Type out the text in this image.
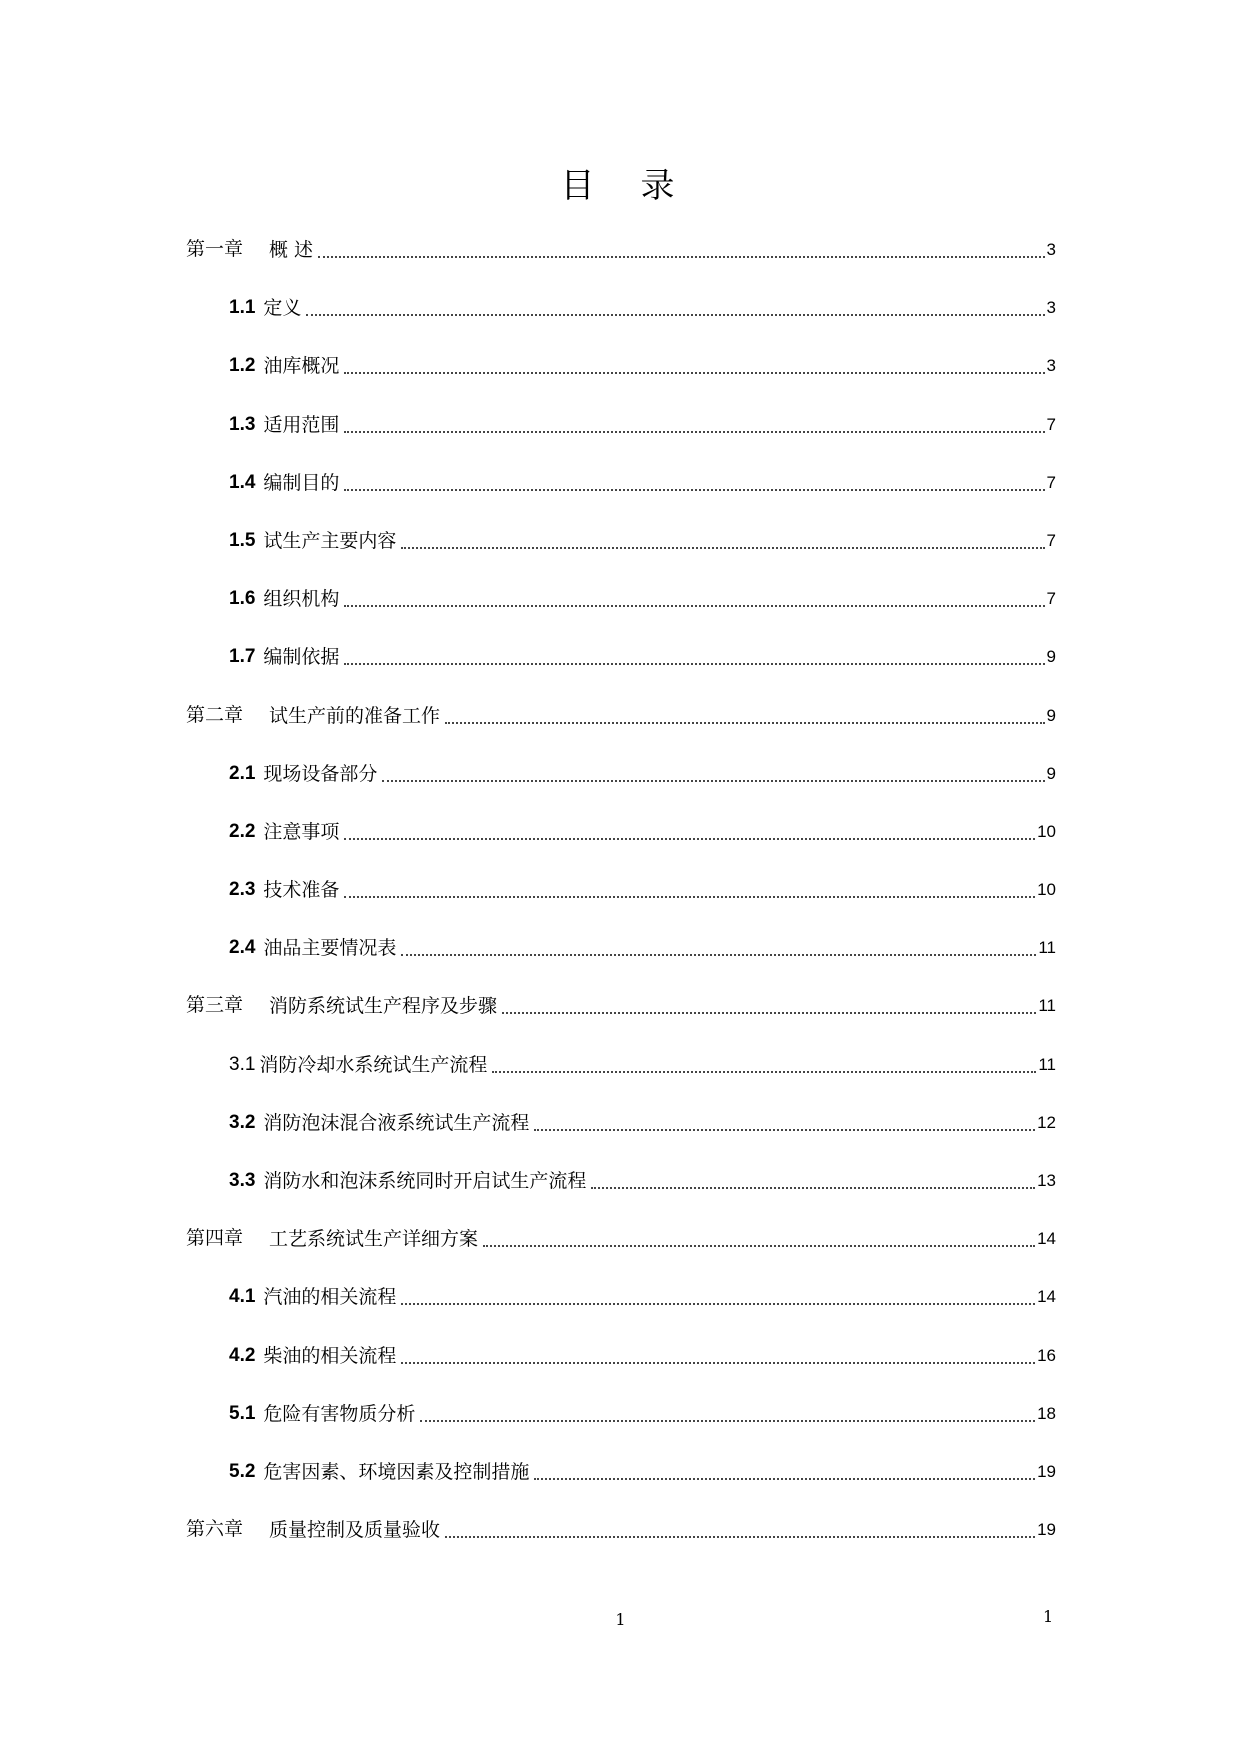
目　录
第一章 概 述	3
1.1 定义	3
1.2 油库概况	3
1.3 适用范围	7
1.4 编制目的	7
1.5 试生产主要内容	7
1.6 组织机构	7
1.7 编制依据	9
第二章 试生产前的准备工作	9
2.1 现场设备部分	9
2.2 注意事项	10
2.3 技术准备	10
2.4 油品主要情况表	11
第三章 消防系统试生产程序及步骤	11
3.1 消防冷却水系统试生产流程	11
3.2 消防泡沫混合液系统试生产流程	12
3.3 消防水和泡沫系统同时开启试生产流程	13
第四章 工艺系统试生产详细方案	14
4.1 汽油的相关流程	14
4.2 柴油的相关流程	16
5.1 危险有害物质分析	18
5.2 危害因素、环境因素及控制措施	19
第六章 质量控制及质量验收	19
1	1
